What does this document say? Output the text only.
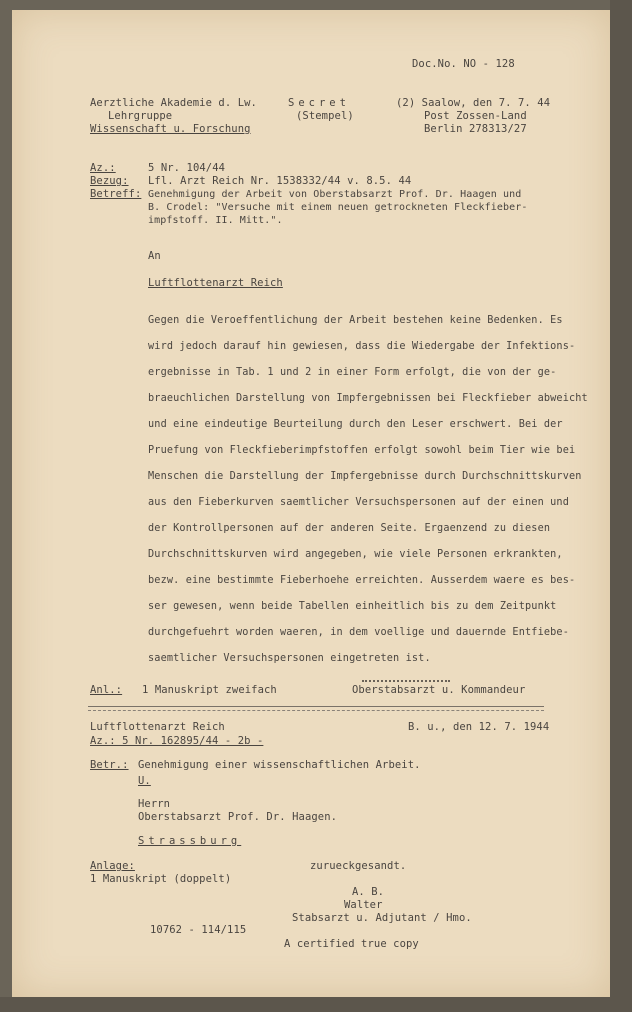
Doc.No. NO - 128
Aerztliche Akademie d. Lw.
Lehrgruppe
Wissenschaft u. Forschung
Secret
(Stempel)
(2) Saalow, den 7. 7. 44
Post Zossen-Land
Berlin 278313/27
Az.:	5 Nr. 104/44
Bezug: Lfl. Arzt Reich Nr. 1538332/44 v. 8.5. 44
Betreff: Genehmigung der Arbeit von Oberstabsarzt Prof. Dr. Haagen und
B. Crodel: "Versuche mit einem neuen getrockneten Fleckfieber-
impfstoff. II. Mitt.".
An
Luftflottenarzt Reich
Gegen die Veroeffentlichung der Arbeit bestehen keine Bedenken. Es
wird jedoch darauf hin gewiesen, dass die Wiedergabe der Infektions-
ergebnisse in Tab. 1 und 2 in einer Form erfolgt, die von der ge-
braeuchlichen Darstellung von Impfergebnissen bei Fleckfieber abweicht
und eine eindeutige Beurteilung durch den Leser erschwert. Bei der
Pruefung von Fleckfieberimpfstoffen erfolgt sowohl beim Tier wie bei
Menschen die Darstellung der Impfergebnisse durch Durchschnittskurven
aus den Fieberkurven saemtlicher Versuchspersonen auf der einen und
der Kontrollpersonen auf der anderen Seite. Ergaenzend zu diesen
Durchschnittskurven wird angegeben, wie viele Personen erkrankten,
bezw. eine bestimmte Fieberhoehe erreichten. Ausserdem waere es bes-
ser gewesen, wenn beide Tabellen einheitlich bis zu dem Zeitpunkt
durchgefuehrt worden waeren, in dem voellige und dauernde Entfiebe-
saemtlicher Versuchspersonen eingetreten ist.
Anl.: 1 Manuskript zweifach	Oberstabsarzt u. Kommandeur
Luftflottenarzt Reich	B. u., den 12. 7. 1944
Az.: 5 Nr. 162895/44 - 2b -
Betr.: Genehmigung einer wissenschaftlichen Arbeit.
U.
Herrn
Oberstabsarzt Prof. Dr. Haagen.
Strassburg
Anlage:
1 Manuskript (doppelt)
zurueckgesandt.
A. B.
Walter
Stabsarzt u. Adjutant / Hmo.
10762 - 114/115
A certified true copy
